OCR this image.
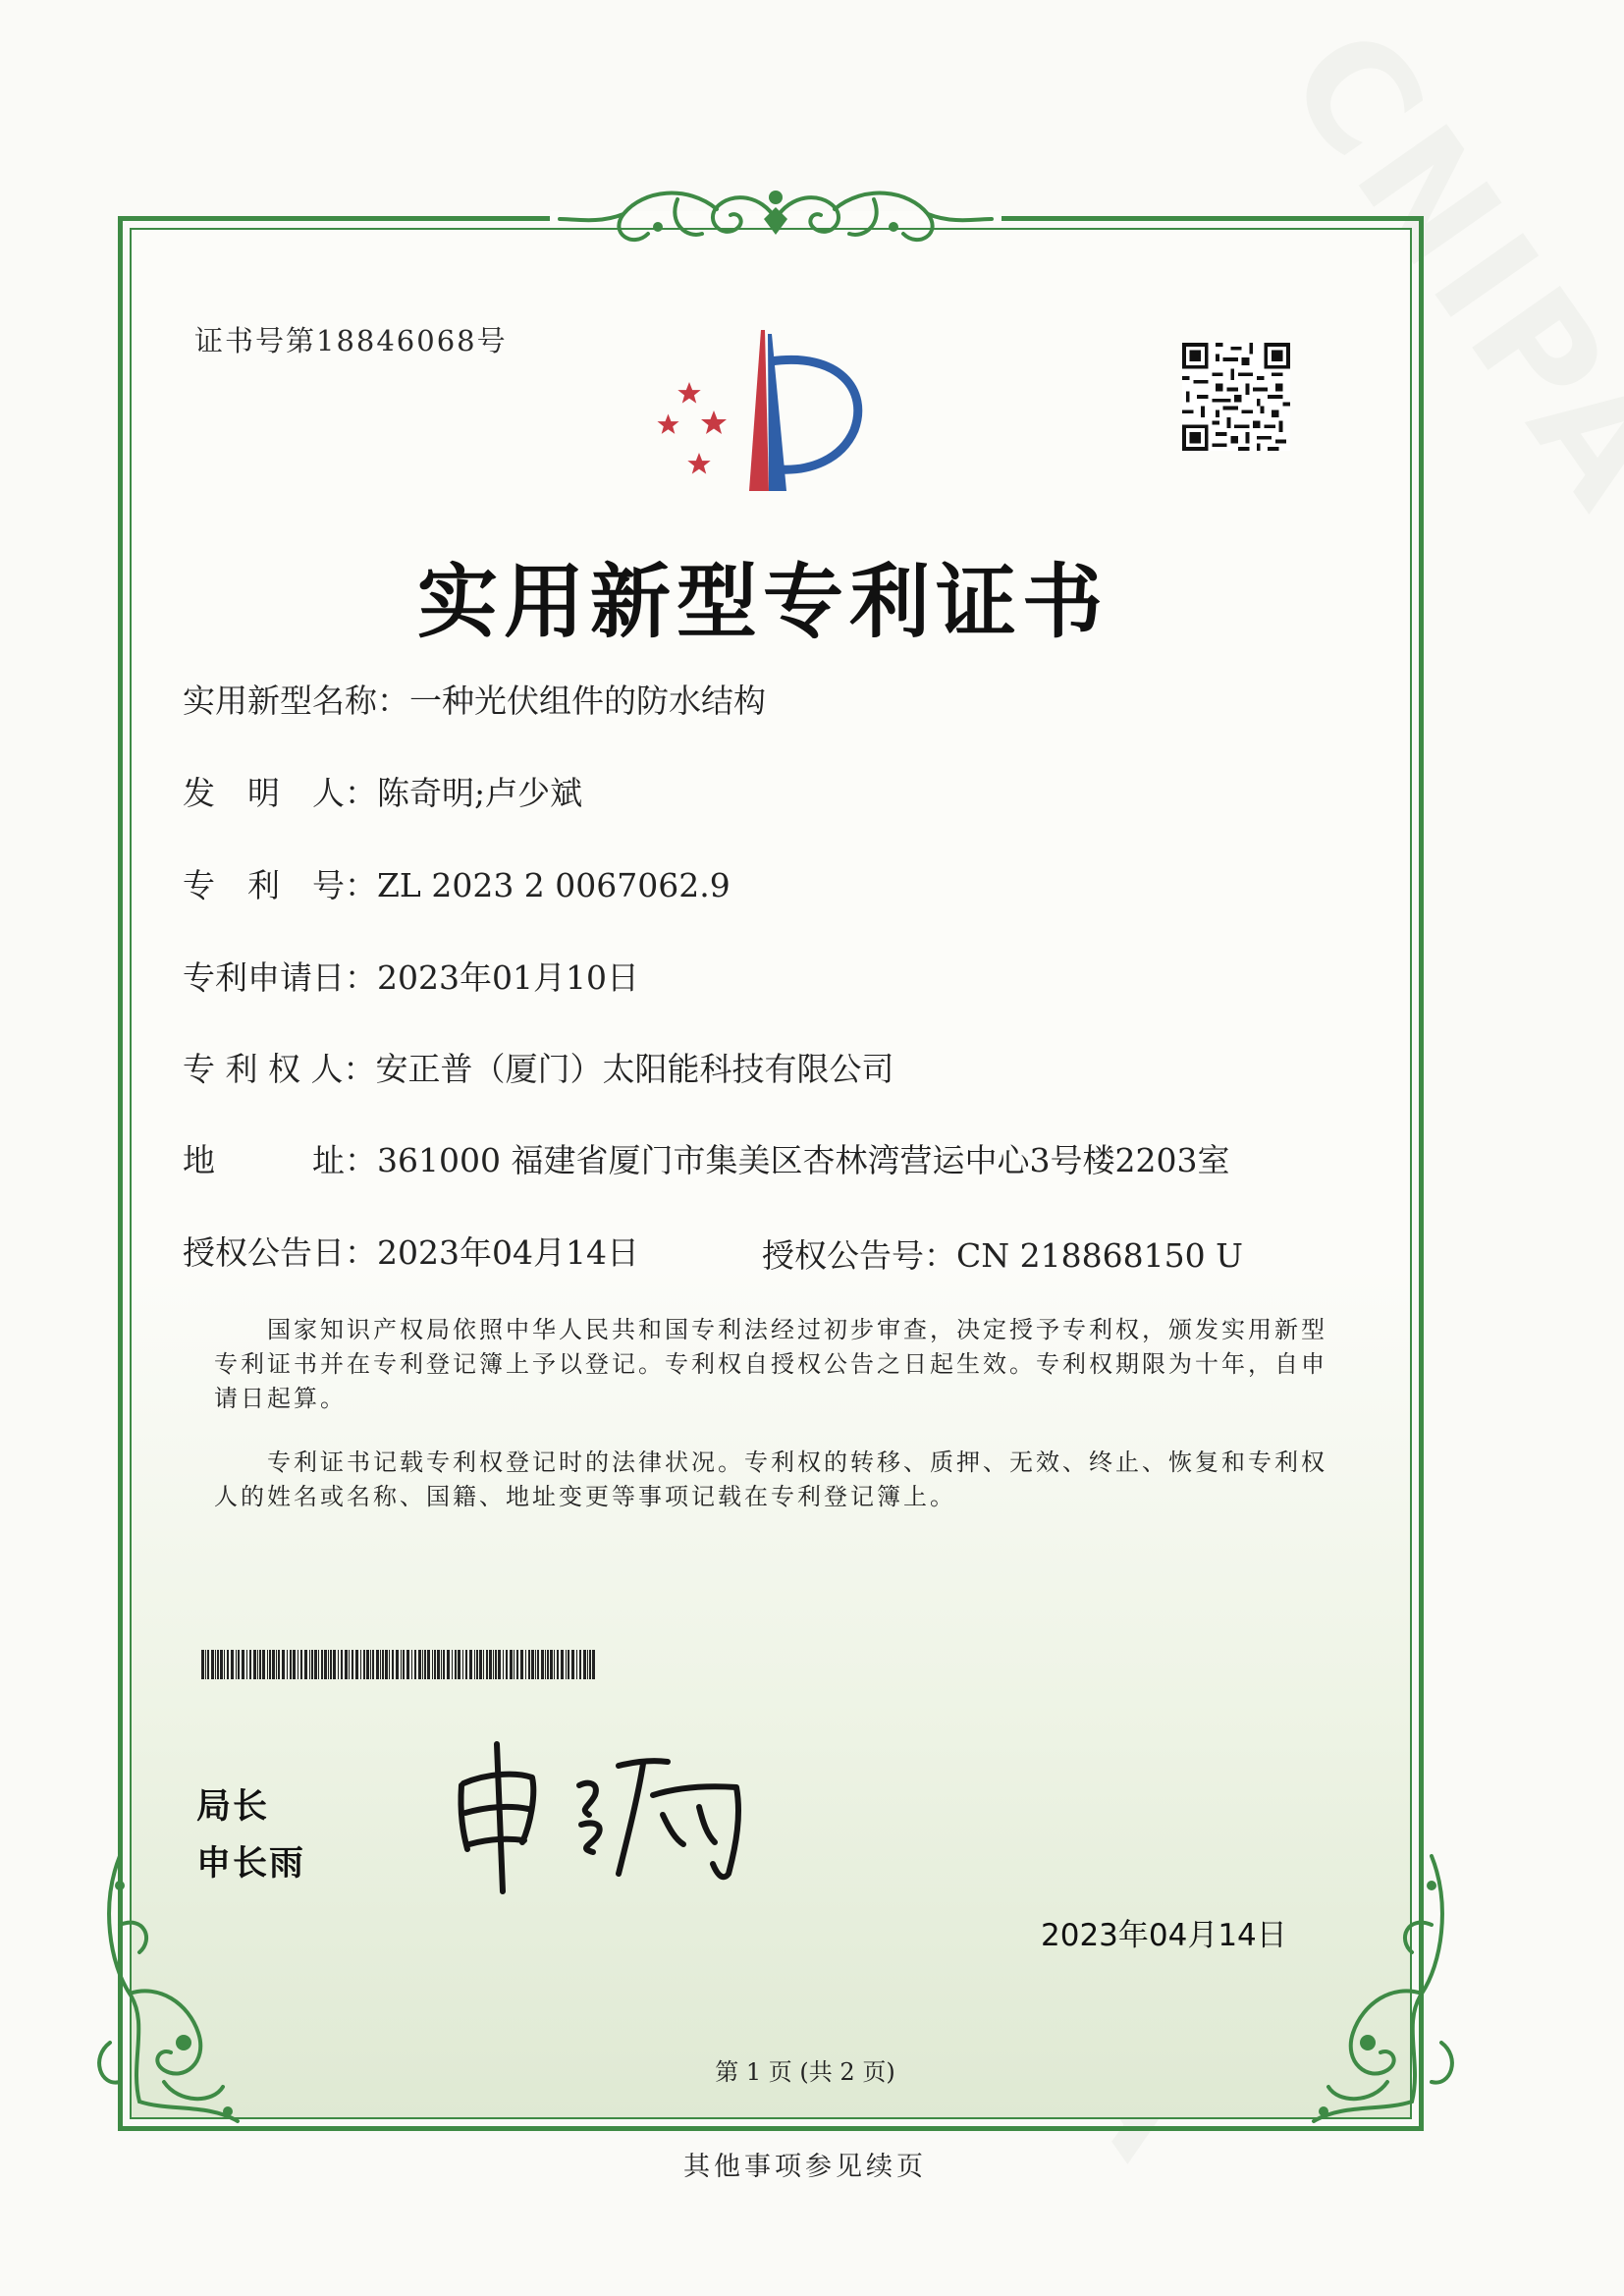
证书号第18846068号
实用新型专利证书
实用新型名称：一种光伏组件的防水结构
发　明　人：陈奇明;卢少斌
专　利　号：ZL 2023 2 0067062.9
专利申请日：2023年01月10日
专 利 权 人：安正普（厦门）太阳能科技有限公司
地　　　址：361000 福建省厦门市集美区杏林湾营运中心3号楼2203室
授权公告日：2023年04月14日	授权公告号：CN 218868150 U
　　国家知识产权局依照中华人民共和国专利法经过初步审查，决定授予专利权，颁发实用新型
专利证书并在专利登记簿上予以登记。专利权自授权公告之日起生效。专利权期限为十年，自申
请日起算。
　　专利证书记载专利权登记时的法律状况。专利权的转移、质押、无效、终止、恢复和专利权
人的姓名或名称、国籍、地址变更等事项记载在专利登记簿上。
局长
申长雨
2023年04月14日
第 1 页 (共 2 页)
其他事项参见续页
